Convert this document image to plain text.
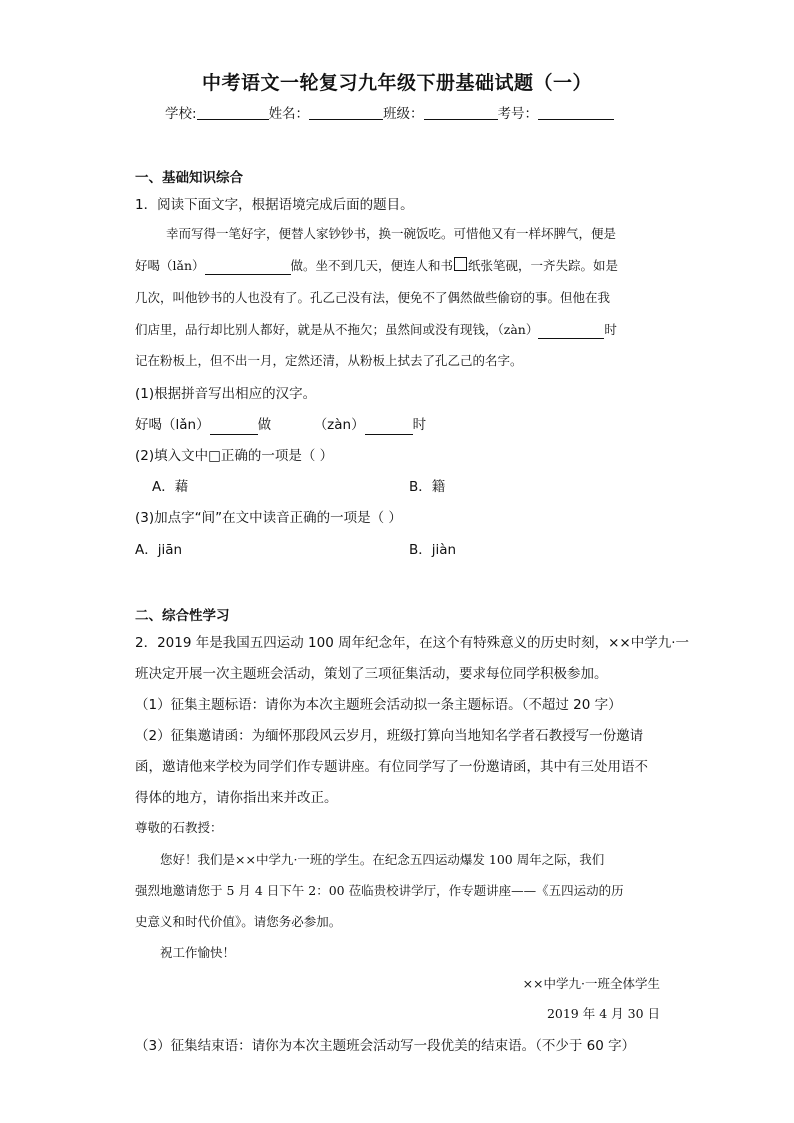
中考语文一轮复习九年级下册基础试题（一）
学校:	姓名：	班级：	考号：
一、基础知识综合
1．阅读下面文字，根据语境完成后面的题目。
幸而写得一笔好字，便替人家钞钞书，换一碗饭吃。可惜他又有一样坏脾气，便是
好喝（lǎn）	做。坐不到几天，便连人和书 纸张笔砚，一齐失踪。如是
几次，叫他钞书的人也没有了。孔乙己没有法，便免不了偶然做些偷窃的事。但他在我
们店里，品行却比别人都好，就是从不拖欠；虽然间或没有现钱，（zàn）	时
记在粉板上，但不出一月，定然还清，从粉板上拭去了孔乙己的名字。
(1)根据拼音写出相应的汉字。
好喝（lǎn）	做	（zàn）	时
(2)填入文中□正确的一项是（ ）
A．藉	B．籍
(3)加点字“间”在文中读音正确的一项是（ ）
A．jiān	B．jiàn
二、综合性学习
2．2019 年是我国五四运动 100 周年纪念年，在这个有特殊意义的历史时刻，××中学九·一
班决定开展一次主题班会活动，策划了三项征集活动，要求每位同学积极参加。
（1）征集主题标语：请你为本次主题班会活动拟一条主题标语。（不超过 20 字）
（2）征集邀请函：为缅怀那段风云岁月，班级打算向当地知名学者石教授写一份邀请
函，邀请他来学校为同学们作专题讲座。有位同学写了一份邀请函，其中有三处用语不
得体的地方，请你指出来并改正。
尊敬的石教授：
您好！我们是××中学九·一班的学生。在纪念五四运动爆发 100 周年之际，我们
强烈地邀请您于 5 月 4 日下午 2：00 莅临贵校讲学厅，作专题讲座——《五四运动的历
史意义和时代价值》。请您务必参加。
祝工作愉快！
××中学九·一班全体学生
2019 年 4 月 30 日
（3）征集结束语：请你为本次主题班会活动写一段优美的结束语。（不少于 60 字）
